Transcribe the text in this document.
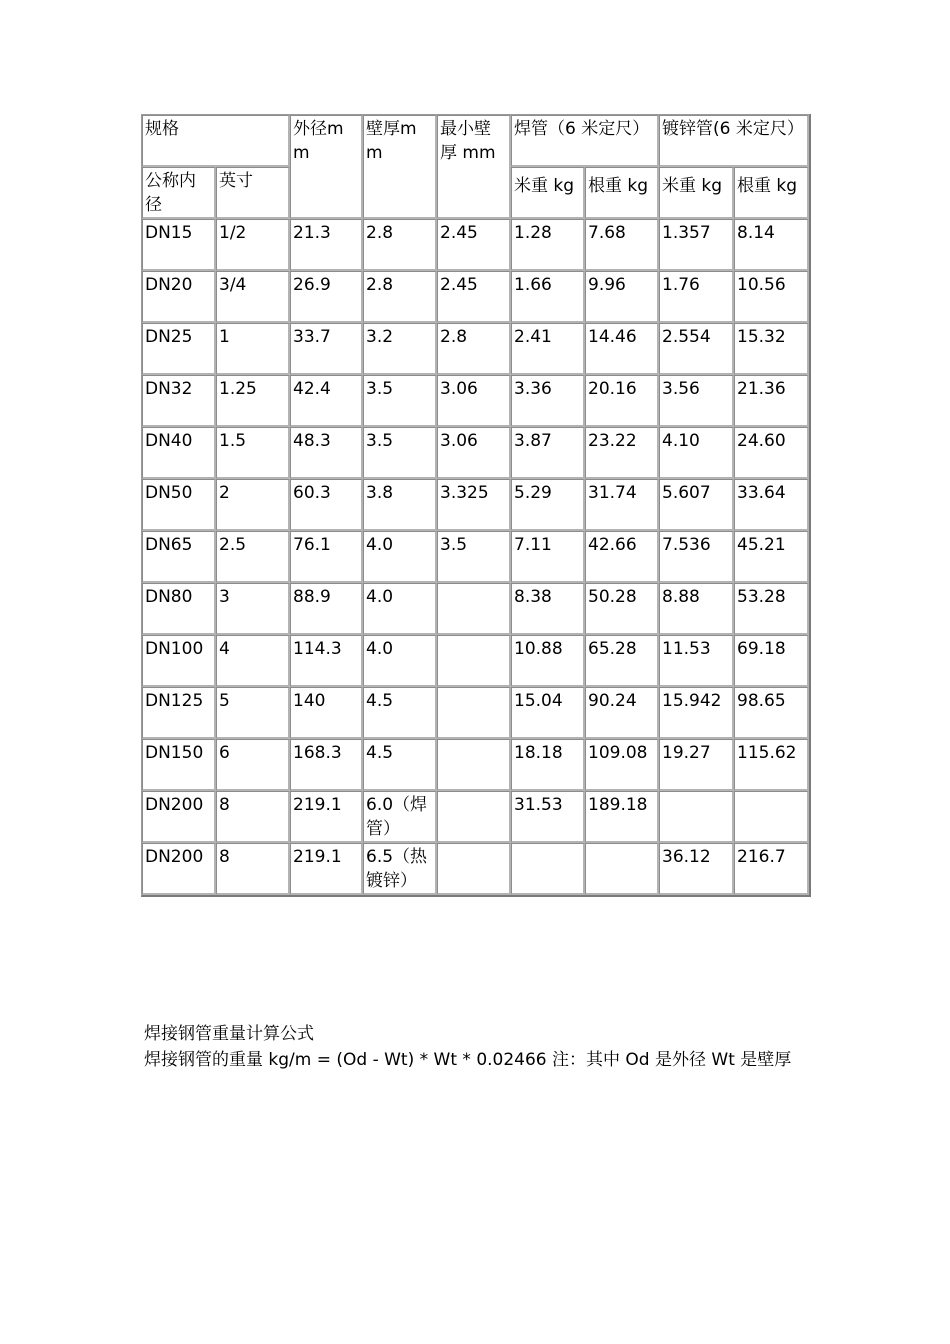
规格		外径mm	壁厚mm	最小壁厚 mm	焊管（6 米定尺）		镀锌管(6 米定尺）	
					米重 kg	根重 kg	米重 kg	根重 kg
公称内径	英寸							
DN15	1/2	21.3	2.8	2.45	1.28	7.68	1.357	8.14
DN20	3/4	26.9	2.8	2.45	1.66	9.96	1.76	10.56
DN25	1	33.7	3.2	2.8	2.41	14.46	2.554	15.32
DN32	1.25	42.4	3.5	3.06	3.36	20.16	3.56	21.36
DN40	1.5	48.3	3.5	3.06	3.87	23.22	4.10	24.60
DN50	2	60.3	3.8	3.325	5.29	31.74	5.607	33.64
DN65	2.5	76.1	4.0	3.5	7.11	42.66	7.536	45.21
DN80	3	88.9	4.0		8.38	50.28	8.88	53.28
DN100	4	114.3	4.0		10.88	65.28	11.53	69.18
DN125	5	140	4.5		15.04	90.24	15.942	98.65
DN150	6	168.3	4.5		18.18	109.08	19.27	115.62
DN200	8	219.1	6.0（焊管）		31.53	189.18		
DN200	8	219.1	6.5（热镀锌）				36.12	216.7

焊接钢管重量计算公式

焊接钢管的重量 kg/m = (Od - Wt) * Wt * 0.02466 注：其中 Od 是外径 Wt 是壁厚
